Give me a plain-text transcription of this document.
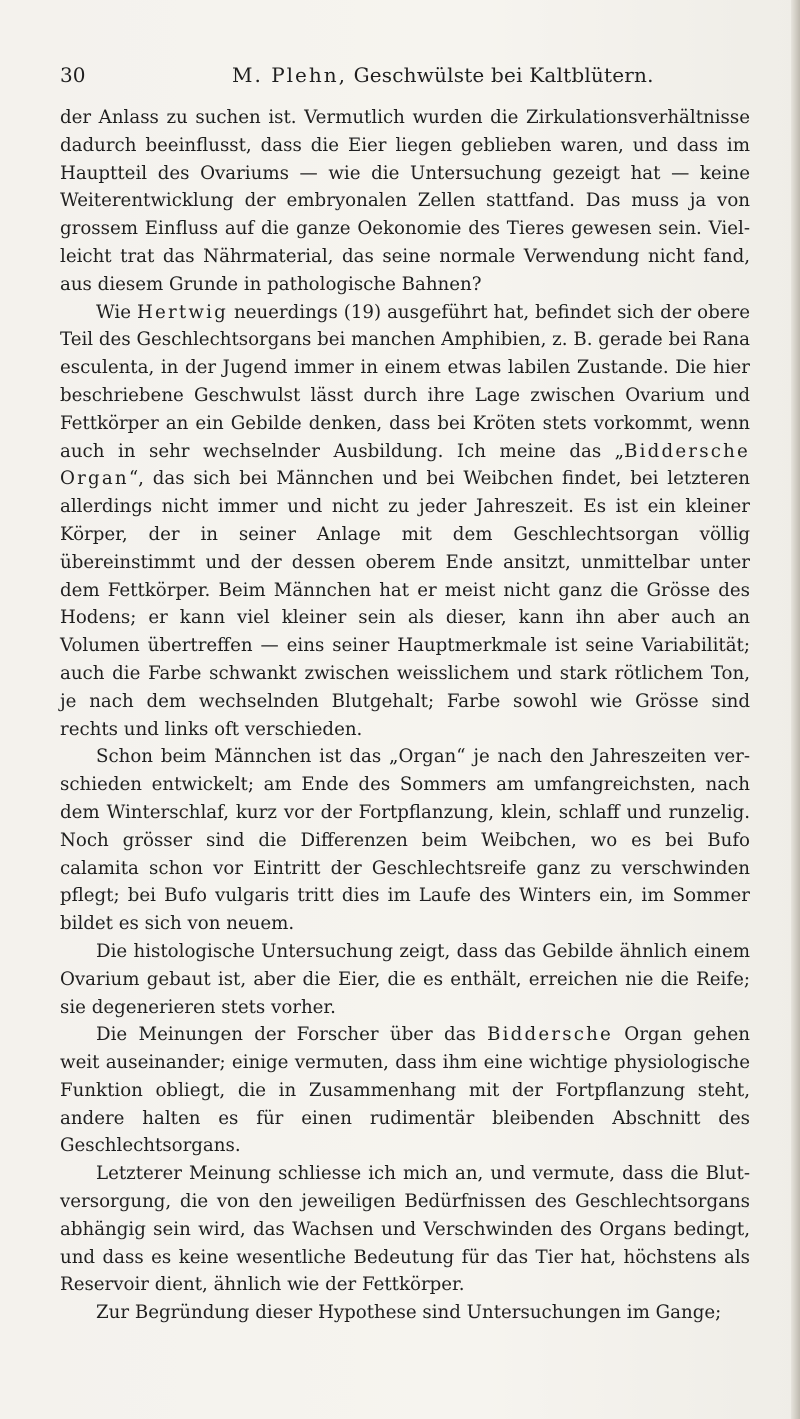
30	M. Plehn, Geschwülste bei Kaltblütern.

der Anlass zu suchen ist. Vermutlich wurden die Zirkulationsverhältnisse dadurch beeinflusst, dass die Eier liegen geblieben waren, und dass im Hauptteil des Ovariums — wie die Untersuchung gezeigt hat — keine Weiterentwicklung der embryonalen Zellen stattfand. Das muss ja von grossem Einfluss auf die ganze Oekonomie des Tieres gewesen sein. Vielleicht trat das Nährmaterial, das seine normale Verwendung nicht fand, aus diesem Grunde in pathologische Bahnen?

Wie Hertwig neuerdings (19) ausgeführt hat, befindet sich der obere Teil des Geschlechtsorgans bei manchen Amphibien, z. B. gerade bei Rana esculenta, in der Jugend immer in einem etwas labilen Zustande. Die hier beschriebene Geschwulst lässt durch ihre Lage zwischen Ovarium und Fettkörper an ein Gebilde denken, dass bei Kröten stets vorkommt, wenn auch in sehr wechselnder Ausbildung. Ich meine das „Biddersche Organ“, das sich bei Männchen und bei Weibchen findet, bei letzteren allerdings nicht immer und nicht zu jeder Jahreszeit. Es ist ein kleiner Körper, der in seiner Anlage mit dem Geschlechtsorgan völlig übereinstimmt und der dessen oberem Ende ansitzt, unmittelbar unter dem Fettkörper. Beim Männchen hat er meist nicht ganz die Grösse des Hodens; er kann viel kleiner sein als dieser, kann ihn aber auch an Volumen übertreffen — eins seiner Hauptmerkmale ist seine Variabilität; auch die Farbe schwankt zwischen weisslichem und stark rötlichem Ton, je nach dem wechselnden Blutgehalt; Farbe sowohl wie Grösse sind rechts und links oft verschieden.

Schon beim Männchen ist das „Organ“ je nach den Jahreszeiten verschieden entwickelt; am Ende des Sommers am umfangreichsten, nach dem Winterschlaf, kurz vor der Fortpflanzung, klein, schlaff und runzelig. Noch grösser sind die Differenzen beim Weibchen, wo es bei Bufo calamita schon vor Eintritt der Geschlechtsreife ganz zu verschwinden pflegt; bei Bufo vulgaris tritt dies im Laufe des Winters ein, im Sommer bildet es sich von neuem.

Die histologische Untersuchung zeigt, dass das Gebilde ähnlich einem Ovarium gebaut ist, aber die Eier, die es enthält, erreichen nie die Reife; sie degenerieren stets vorher.

Die Meinungen der Forscher über das Biddersche Organ gehen weit auseinander; einige vermuten, dass ihm eine wichtige physiologische Funktion obliegt, die in Zusammenhang mit der Fortpflanzung steht, andere halten es für einen rudimentär bleibenden Abschnitt des Geschlechtsorgans.

Letzterer Meinung schliesse ich mich an, und vermute, dass die Blutversorgung, die von den jeweiligen Bedürfnissen des Geschlechtsorgans abhängig sein wird, das Wachsen und Verschwinden des Organs bedingt, und dass es keine wesentliche Bedeutung für das Tier hat, höchstens als Reservoir dient, ähnlich wie der Fettkörper.

Zur Begründung dieser Hypothese sind Untersuchungen im Gange;
